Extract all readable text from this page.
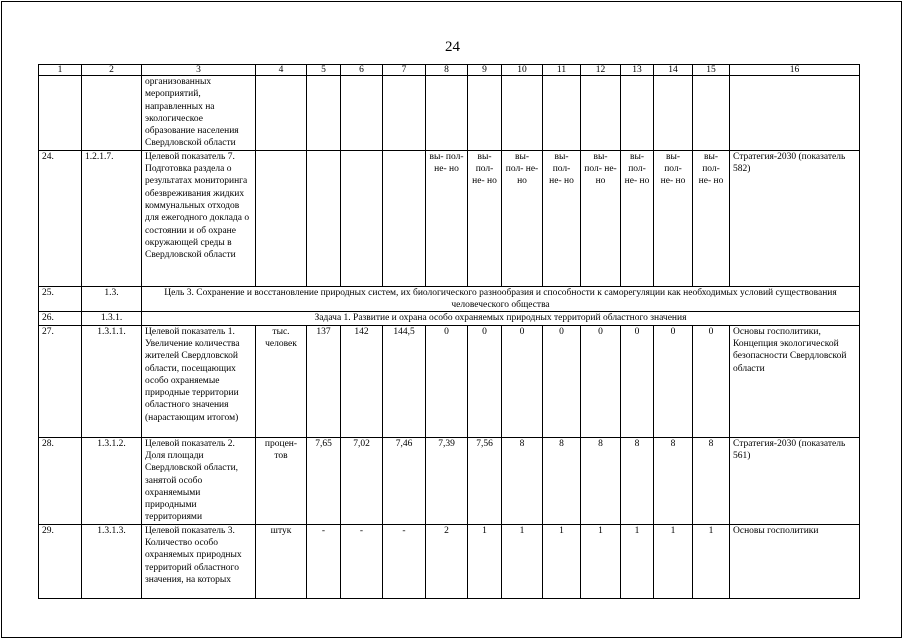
24
1	2	3	4	5	6	7	8	9	10	11	12	13	14	15	16
		организованных мероприятий, направленных на экологическое образование населения Свердловской области													
24.	1.2.1.7.	Целевой показатель 7. Подготовка раздела о результатах мониторинга обезвреживания жидких коммунальных отходов для ежегодного доклада о состоянии и об охране окружающей среды в Свердловской области					вы- пол- не- но	вы- пол- не- но	вы- пол- не- но	вы- пол- не- но	вы- пол- не- но	вы- пол- не- но	вы- пол- не- но	вы- пол- не- но	Стратегия-2030 (показатель 582)
25.	1.3.	Цель 3. Сохранение и восстановление природных систем, их биологического разнообразия и способности к саморегуляции как необходимых условий существования человеческого общества													
26.	1.3.1.	Задача 1. Развитие и охрана особо охраняемых природных территорий областного значения													
27.	1.3.1.1.	Целевой показатель 1. Увеличение количества жителей Свердловской области, посещающих особо охраняемые природные территории областного значения (нарастающим итогом)	тыс. человек	137	142	144,5	0	0	0	0	0	0	0	0	Основы госполитики, Концепция экологической безопасности Свердловской области
28.	1.3.1.2.	Целевой показатель 2. Доля площади Свердловской области, занятой особо охраняемыми природными территориями	процен- тов	7,65	7,02	7,46	7,39	7,56	8	8	8	8	8	8	Стратегия-2030 (показатель 561)
29.	1.3.1.3.	Целевой показатель 3. Количество особо охраняемых природных территорий областного значения, на которых	штук	-	-	-	2	1	1	1	1	1	1	1	Основы госполитики
